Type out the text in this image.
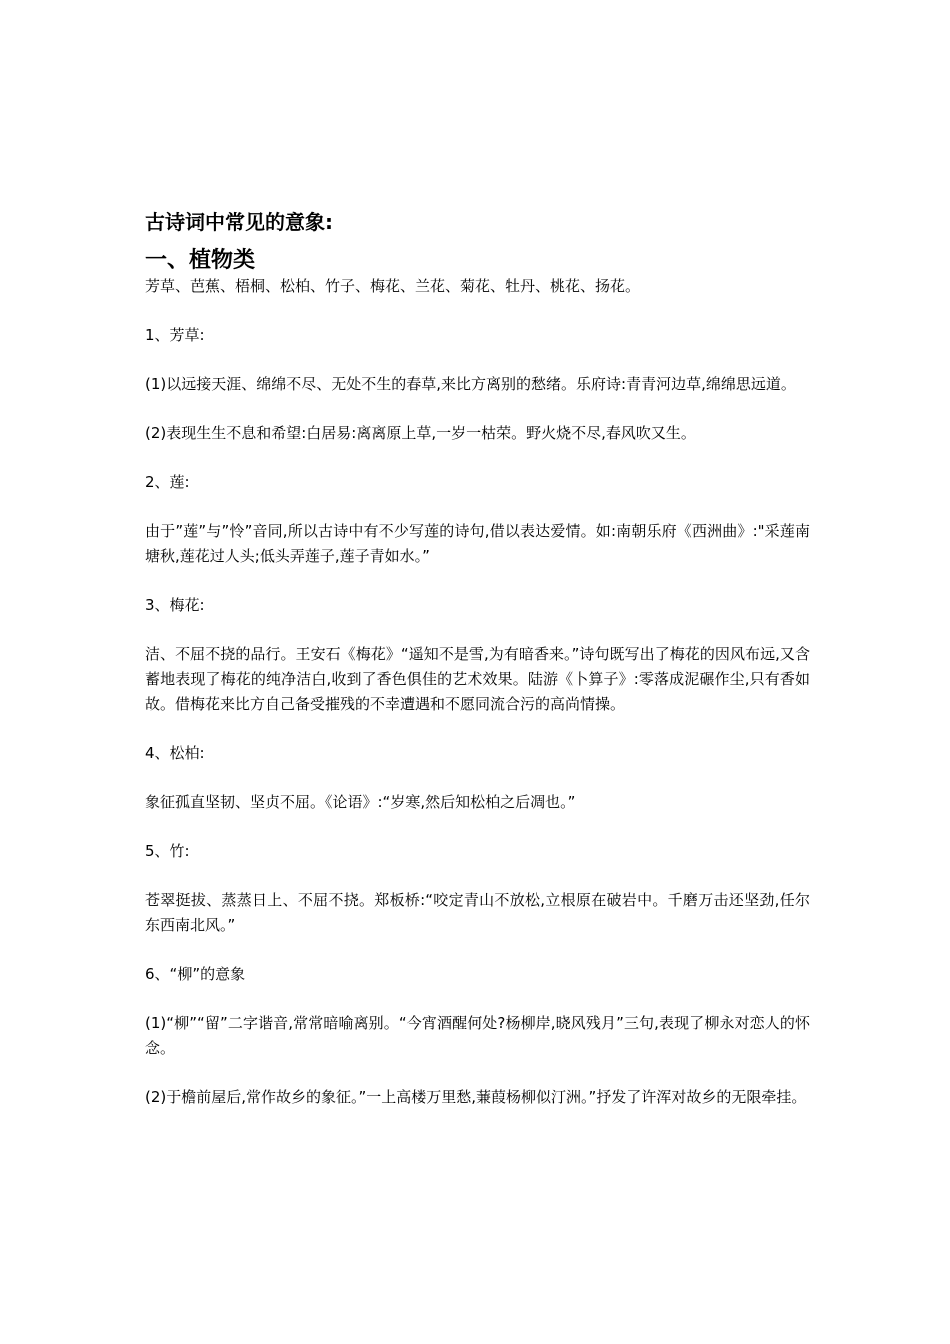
古诗词中常见的意象:
一、植物类

芳草、芭蕉、梧桐、松柏、竹子、梅花、兰花、菊花、牡丹、桃花、扬花。

1、芳草:

(1)以远接天涯、绵绵不尽、无处不生的春草,来比方离别的愁绪。乐府诗:青青河边草,绵绵思远道。

(2)表现生生不息和希望:白居易:离离原上草,一岁一枯荣。野火烧不尽,春风吹又生。

2、莲:

由于”莲”与”怜”音同,所以古诗中有不少写莲的诗句,借以表达爱情。如:南朝乐府《西洲曲》:"采莲南塘秋,莲花过人头;低头弄莲子,莲子青如水。”

3、梅花:

洁、不屈不挠的品行。王安石《梅花》“遥知不是雪,为有暗香来。”诗句既写出了梅花的因风布远,又含蓄地表现了梅花的纯净洁白,收到了香色俱佳的艺术效果。陆游《卜算子》:零落成泥碾作尘,只有香如故。借梅花来比方自己备受摧残的不幸遭遇和不愿同流合污的高尚情操。

4、松柏:

象征孤直坚韧、坚贞不屈。《论语》:“岁寒,然后知松柏之后凋也。”

5、竹:

苍翠挺拔、蒸蒸日上、不屈不挠。郑板桥:“咬定青山不放松,立根原在破岩中。千磨万击还坚劲,任尔东西南北风。”

6、“柳”的意象

(1)“柳”“留”二字谐音,常常暗喻离别。“今宵酒醒何处?杨柳岸,晓风残月”三句,表现了柳永对恋人的怀念。

(2)于檐前屋后,常作故乡的象征。”一上高楼万里愁,蒹葭杨柳似汀洲。”抒发了许浑对故乡的无限牵挂。
